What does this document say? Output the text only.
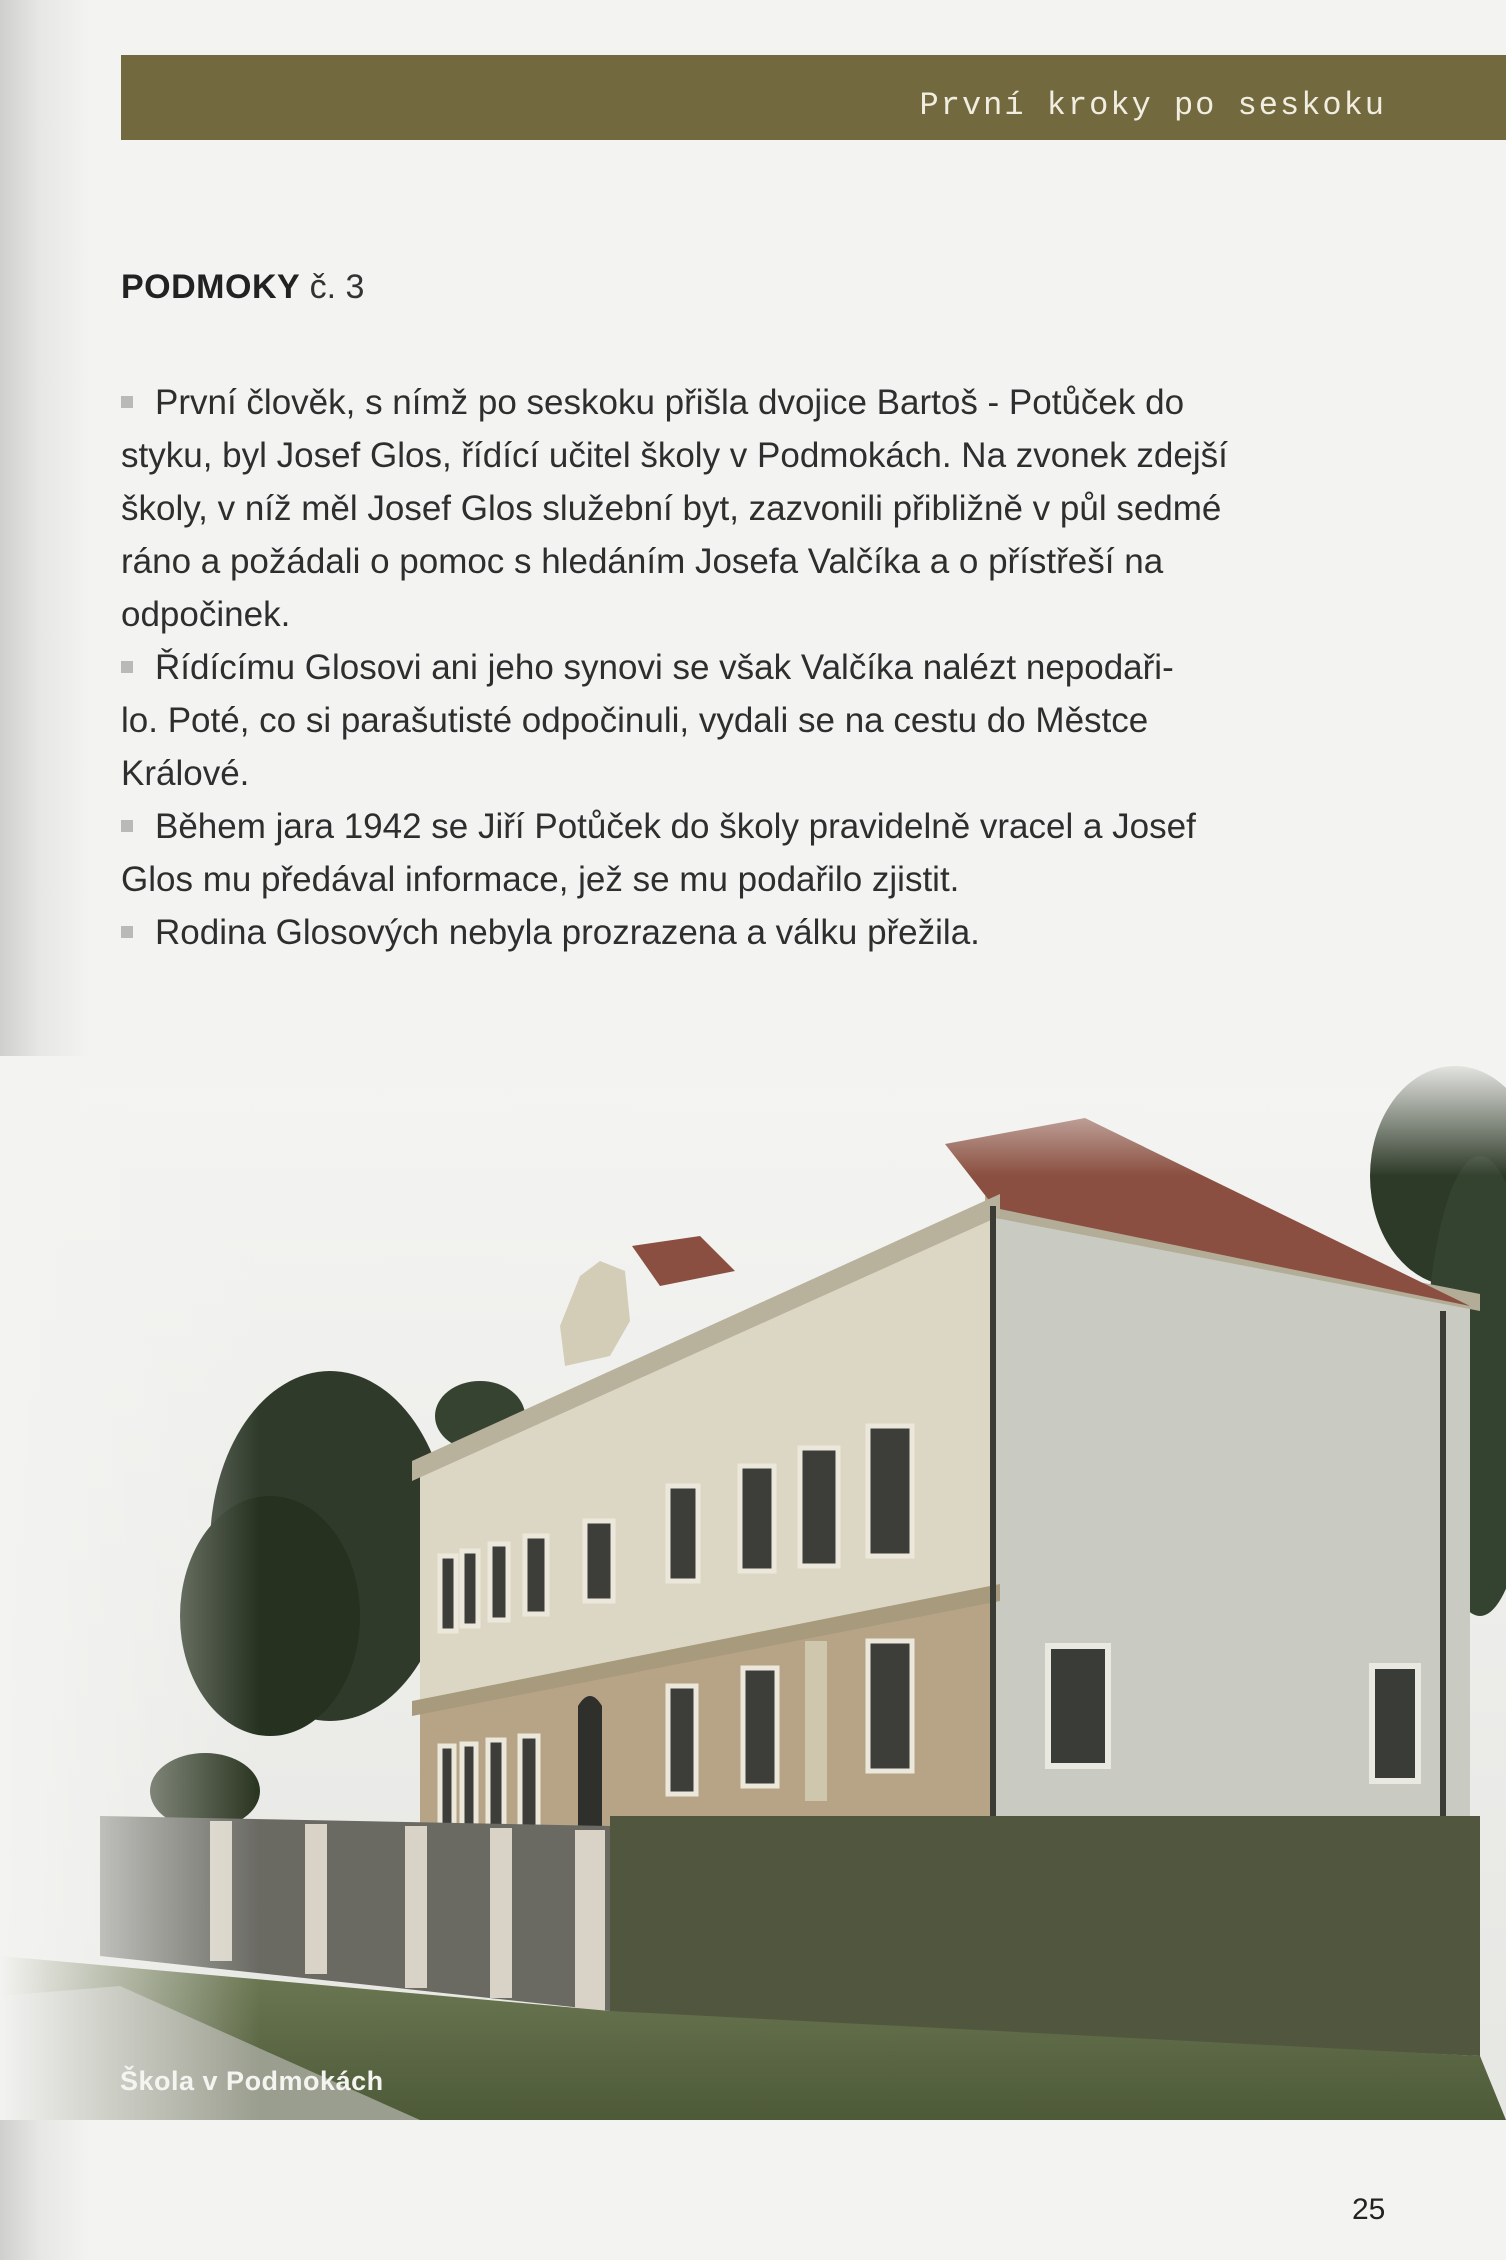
První kroky po seskoku
PODMOKY č. 3

První člověk, s nímž po seskoku přišla dvojice Bartoš - Potůček do
styku, byl Josef Glos, řídící učitel školy v Podmokách. Na zvonek zdejší
školy, v níž měl Josef Glos služební byt, zazvonili přibližně v půl sedmé
ráno a požádali o pomoc s hledáním Josefa Valčíka a o přístřeší na
odpočinek.

Řídícímu Glosovi ani jeho synovi se však Valčíka nalézt nepodaři-
lo. Poté, co si parašutisté odpočinuli, vydali se na cestu do Městce
Králové.

Během jara 1942 se Jiří Potůček do školy pravidelně vracel a Josef
Glos mu předával informace, jež se mu podařilo zjistit.

Rodina Glosových nebyla prozrazena a válku přežila.

Škola v Podmokách
25
